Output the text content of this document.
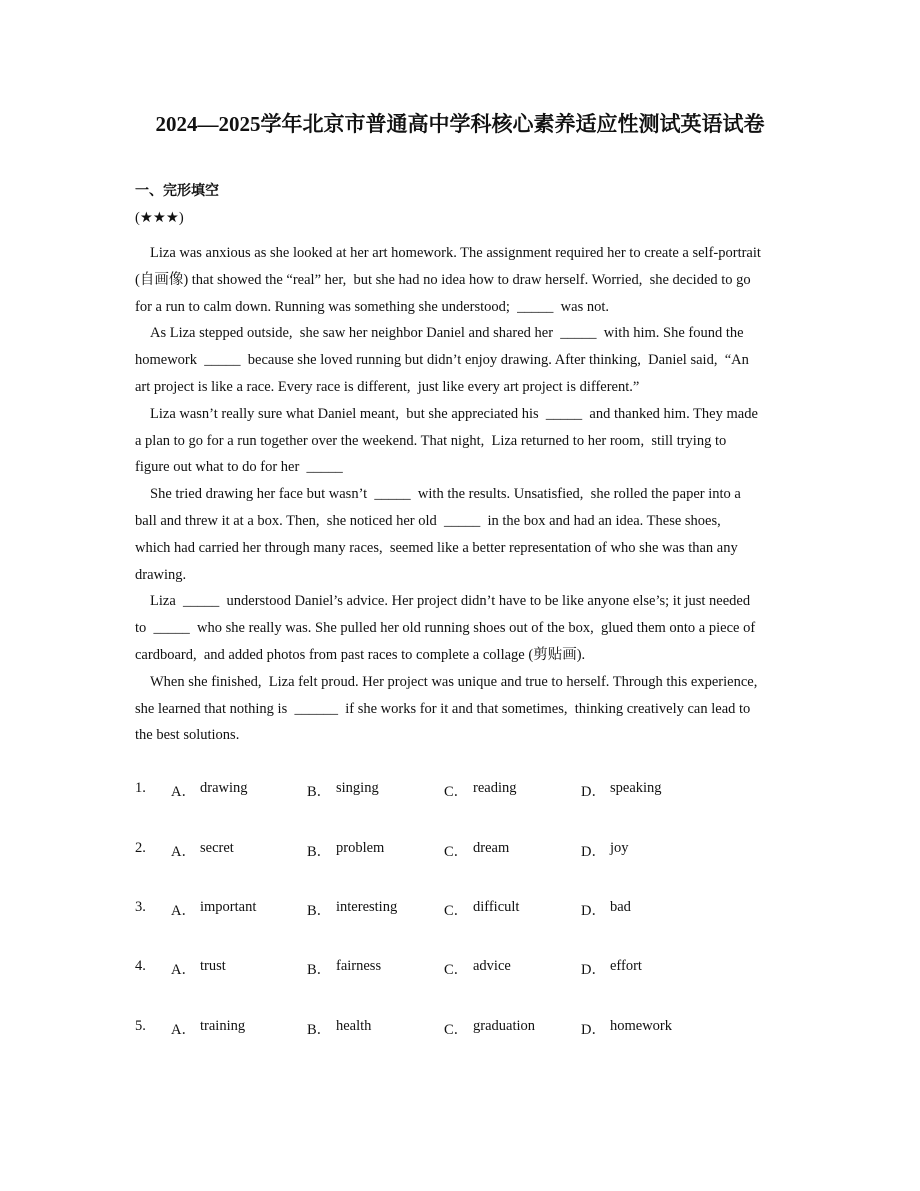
2024—2025学年北京市普通高中学科核心素养适应性测试英语试卷
一、完形填空
(★★★)
Liza was anxious as she looked at her art homework. The assignment required her to create a self-portrait
(自画像) that showed the “real” her,  but she had no idea how to draw herself. Worried,  she decided to go
for a run to calm down. Running was something she understood;  _____  was not.
As Liza stepped outside,  she saw her neighbor Daniel and shared her  _____  with him. She found the
homework  _____  because she loved running but didn’t enjoy drawing. After thinking,  Daniel said,  “An
art project is like a race. Every race is different,  just like every art project is different.”
Liza wasn’t really sure what Daniel meant,  but she appreciated his  _____  and thanked him. They made
a plan to go for a run together over the weekend. That night,  Liza returned to her room,  still trying to
figure out what to do for her  _____
She tried drawing her face but wasn’t  _____  with the results. Unsatisfied,  she rolled the paper into a
ball and threw it at a box. Then,  she noticed her old  _____  in the box and had an idea. These shoes,
which had carried her through many races,  seemed like a better representation of who she was than any
drawing.
Liza  _____  understood Daniel’s advice. Her project didn’t have to be like anyone else’s; it just needed
to  _____  who she really was. She pulled her old running shoes out of the box,  glued them onto a piece of
cardboard,  and added photos from past races to complete a collage (剪贴画).
When she finished,  Liza felt proud. Her project was unique and true to herself. Through this experience,
she learned that nothing is  ______  if she works for it and that sometimes,  thinking creatively can lead to
the best solutions.
1. A． drawing	B． singing	C． reading	D． speaking
2. A． secret	B． problem	C． dream	D． joy
3. A． important	B． interesting	C． difficult	D． bad
4. A． trust	B． fairness	C． advice	D． effort
5. A． training	B． health	C． graduation	D． homework
